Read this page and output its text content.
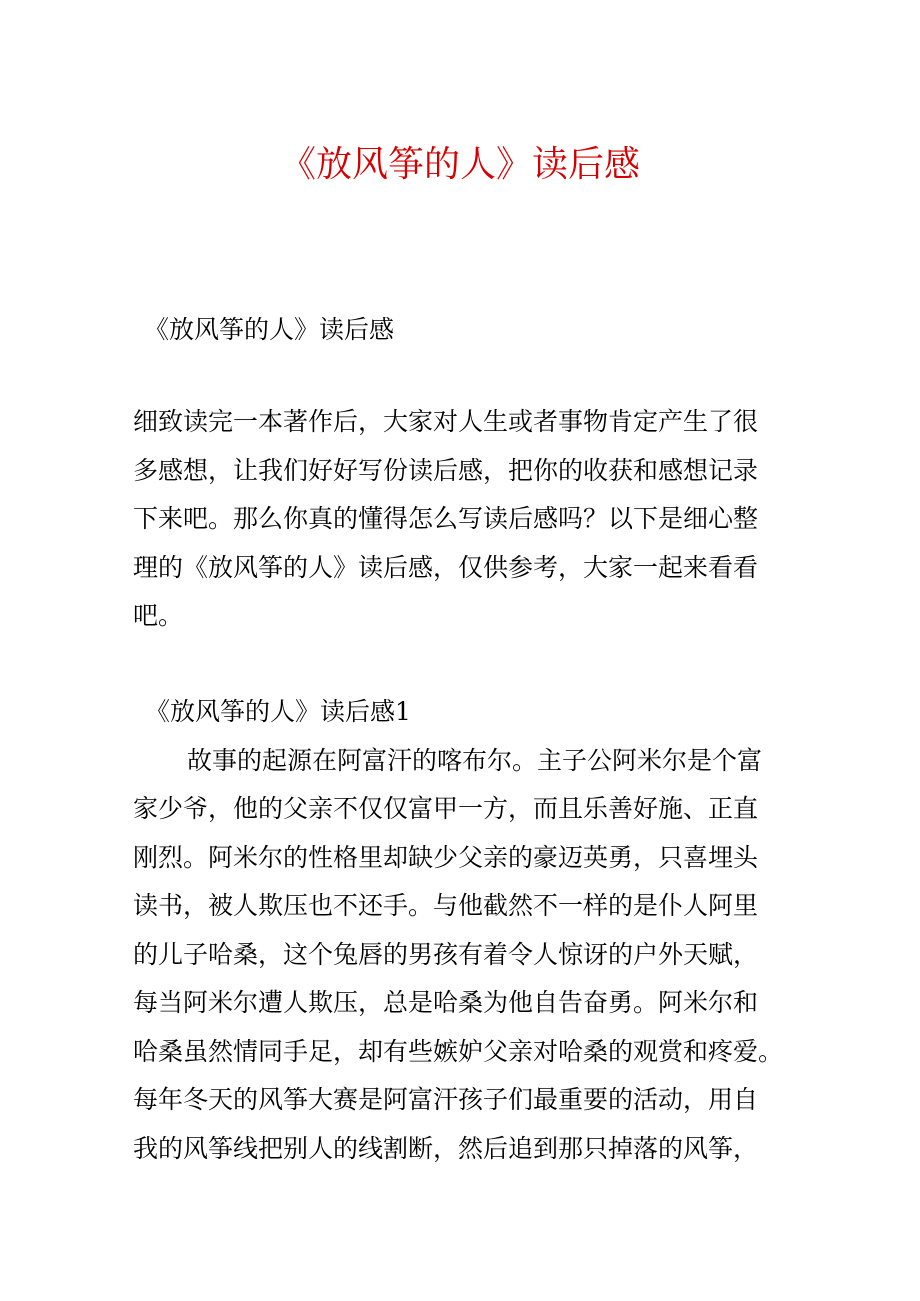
《放风筝的人》读后感
《放风筝的人》读后感
细致读完一本著作后，大家对人生或者事物肯定产生了很
多感想，让我们好好写份读后感，把你的收获和感想记录
下来吧。那么你真的懂得怎么写读后感吗？以下是细心整
理的《放风筝的人》读后感，仅供参考，大家一起来看看
吧。
《放风筝的人》读后感1
故事的起源在阿富汗的喀布尔。主子公阿米尔是个富
家少爷，他的父亲不仅仅富甲一方，而且乐善好施、正直
刚烈。阿米尔的性格里却缺少父亲的豪迈英勇，只喜埋头
读书，被人欺压也不还手。与他截然不一样的是仆人阿里
的儿子哈桑，这个兔唇的男孩有着令人惊讶的户外天赋，
每当阿米尔遭人欺压，总是哈桑为他自告奋勇。阿米尔和
哈桑虽然情同手足，却有些嫉妒父亲对哈桑的观赏和疼爱。
每年冬天的风筝大赛是阿富汗孩子们最重要的活动，用自
我的风筝线把别人的线割断，然后追到那只掉落的风筝，
